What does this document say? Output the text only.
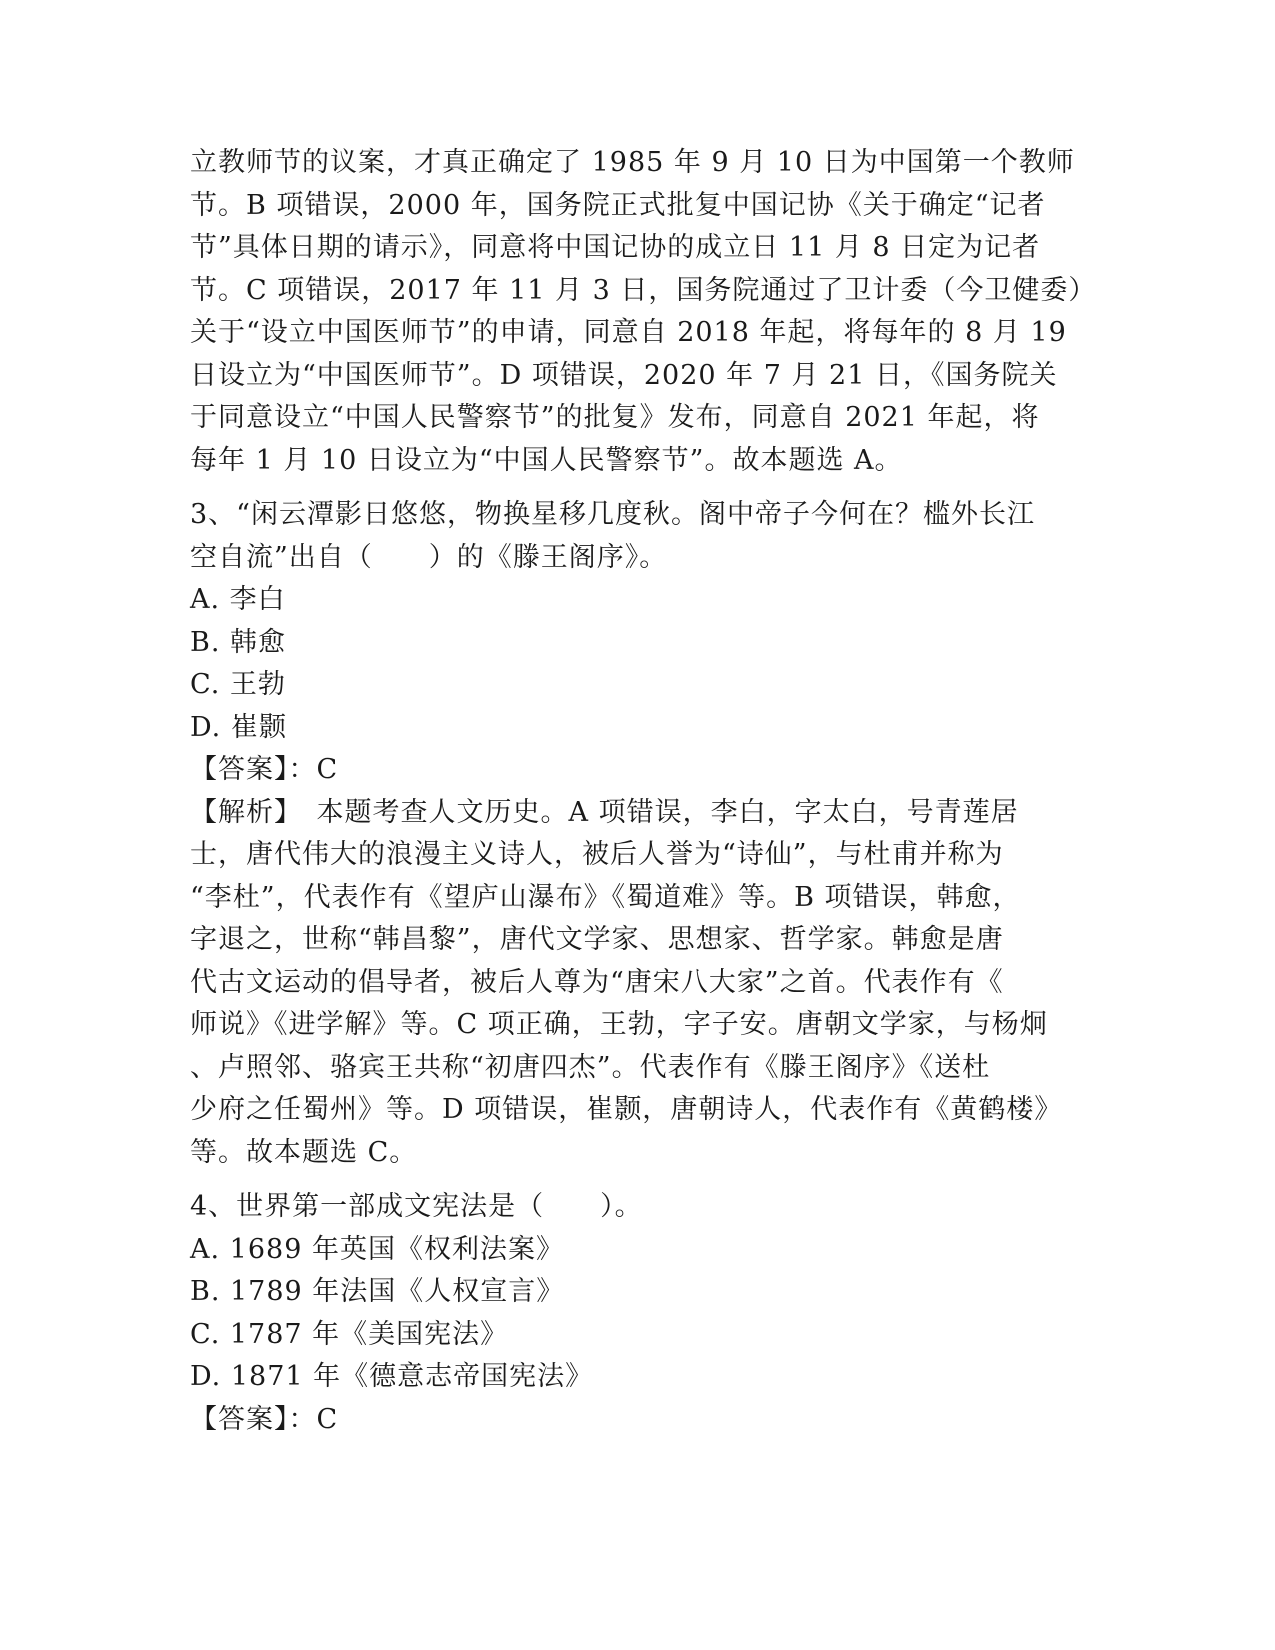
立教师节的议案，才真正确定了 1985 年 9 月 10 日为中国第一个教师
节。B 项错误，2000 年，国务院正式批复中国记协《关于确定“记者
节”具体日期的请示》，同意将中国记协的成立日 11 月 8 日定为记者
节。C 项错误，2017 年 11 月 3 日，国务院通过了卫计委（今卫健委）
关于“设立中国医师节”的申请，同意自 2018 年起，将每年的 8 月 19
日设立为“中国医师节”。D 项错误，2020 年 7 月 21 日，《国务院关
于同意设立“中国人民警察节”的批复》发布，同意自 2021 年起，将
每年 1 月 10 日设立为“中国人民警察节”。故本题选 A。
3、“闲云潭影日悠悠，物换星移几度秋。阁中帝子今何在？槛外长江
空自流”出自（　　）的《滕王阁序》。
A. 李白
B. 韩愈
C. 王勃
D. 崔颢
【答案】：C
【解析】　本题考查人文历史。A 项错误，李白，字太白，号青莲居
士，唐代伟大的浪漫主义诗人，被后人誉为“诗仙”，与杜甫并称为
“李杜”，代表作有《望庐山瀑布》《蜀道难》等。B 项错误，韩愈，
字退之，世称“韩昌黎”，唐代文学家、思想家、哲学家。韩愈是唐
代古文运动的倡导者，被后人尊为“唐宋八大家”之首。代表作有《
师说》《进学解》等。C 项正确，王勃，字子安。唐朝文学家，与杨炯
、卢照邻、骆宾王共称“初唐四杰”。代表作有《滕王阁序》《送杜
少府之任蜀州》等。D 项错误，崔颢，唐朝诗人，代表作有《黄鹤楼》
等。故本题选 C。
4、世界第一部成文宪法是（　　）。
A. 1689 年英国《权利法案》
B. 1789 年法国《人权宣言》
C. 1787 年《美国宪法》
D. 1871 年《德意志帝国宪法》
【答案】：C
